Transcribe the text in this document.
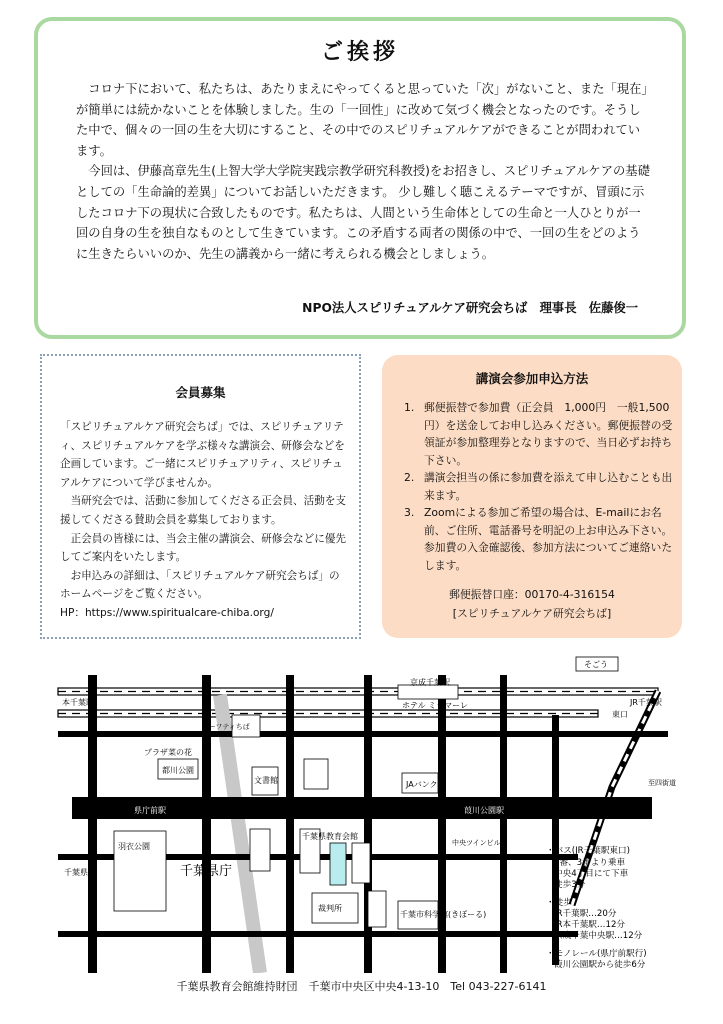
ご挨拶

コロナ下において、私たちは、あたりまえにやってくると思っていた「次」がないこと、また「現在」が簡単には続かないことを体験しました。生の「一回性」に改めて気づく機会となったのです。そうした中で、個々の一回の生を大切にすること、その中でのスピリチュアルケアができることが問われています。

今回は、伊藤高章先生(上智大学大学院実践宗教学研究科教授)をお招きし、スピリチュアルケアの基礎としての「生命論的差異」についてお話しいただきます。 少し難しく聴こえるテーマですが、冒頭に示したコロナ下の現状に合致したものです。私たちは、人間という生命体としての生命と一人ひとりが一回の自身の生を独自なものとして生きています。この矛盾する両者の関係の中で、一回の生をどのように生きたらいいのか、先生の講義から一緒に考えられる機会としましょう。

NPO法人スピリチュアルケア研究会ちば　理事長　佐藤俊一
会員募集

「スピリチュアルケア研究会ちば」では、スピリチュアリティ、スピリチュアルケアを学ぶ様々な講演会、研修会などを企画しています。ご一緒にスピリチュアリティ、スピリチュアルケアについて学びませんか。

当研究会では、活動に参加してくださる正会員、活動を支援してくださる賛助会員を募集しております。

正会員の皆様には、当会主催の講演会、研修会などに優先してご案内をいたします。

お申込みの詳細は、「スピリチュアルケア研究会ちば」のホームページをご覧ください。

HP：https://www.spiritualcare-chiba.org/

講演会参加申込方法
1. 郵便振替で参加費（正会員　1,000円　一般1,500円）を送金してお申し込みください。郵便振替の受領証が参加整理券となりますので、当日必ずお持ち下さい。
2. 講演会担当の係に参加費を添えて申し込むことも出来ます。
3. Zoomによる参加ご希望の場合は、E-mailにお名前、ご住所、電話番号を明記の上お申込み下さい。参加費の入金確認後、参加方法についてご連絡いたします。
郵便振替口座：00170-4-316154
[スピリチュアルケア研究会ちば]
京成千葉駅
本千葉駅
そごう
ホテル ミラマーレ	JR千葉駅
東口
県庁前駅	中央4丁目	葭川公園駅
都川公園
文書館
プラザ菜の花
千葉県庁
千葉県警
羽衣公園
裁判所
千葉県教育会館
千葉市科学館(きぼーる)
至四街道
JAバンク
セーフティちば
中央ツインビル
・バス(JR千葉駅東口)
2番、3番より乗車
中央4丁目にて下車
徒歩3分
・徒歩
JR千葉駅…20分
JR本千葉駅…12分
京成千葉中央駅…12分
・モノレール(県庁前駅行)
葭川公園駅から徒歩6分
千葉県教育会館維持財団　千葉市中央区中央4-13-10　Tel 043-227-6141
